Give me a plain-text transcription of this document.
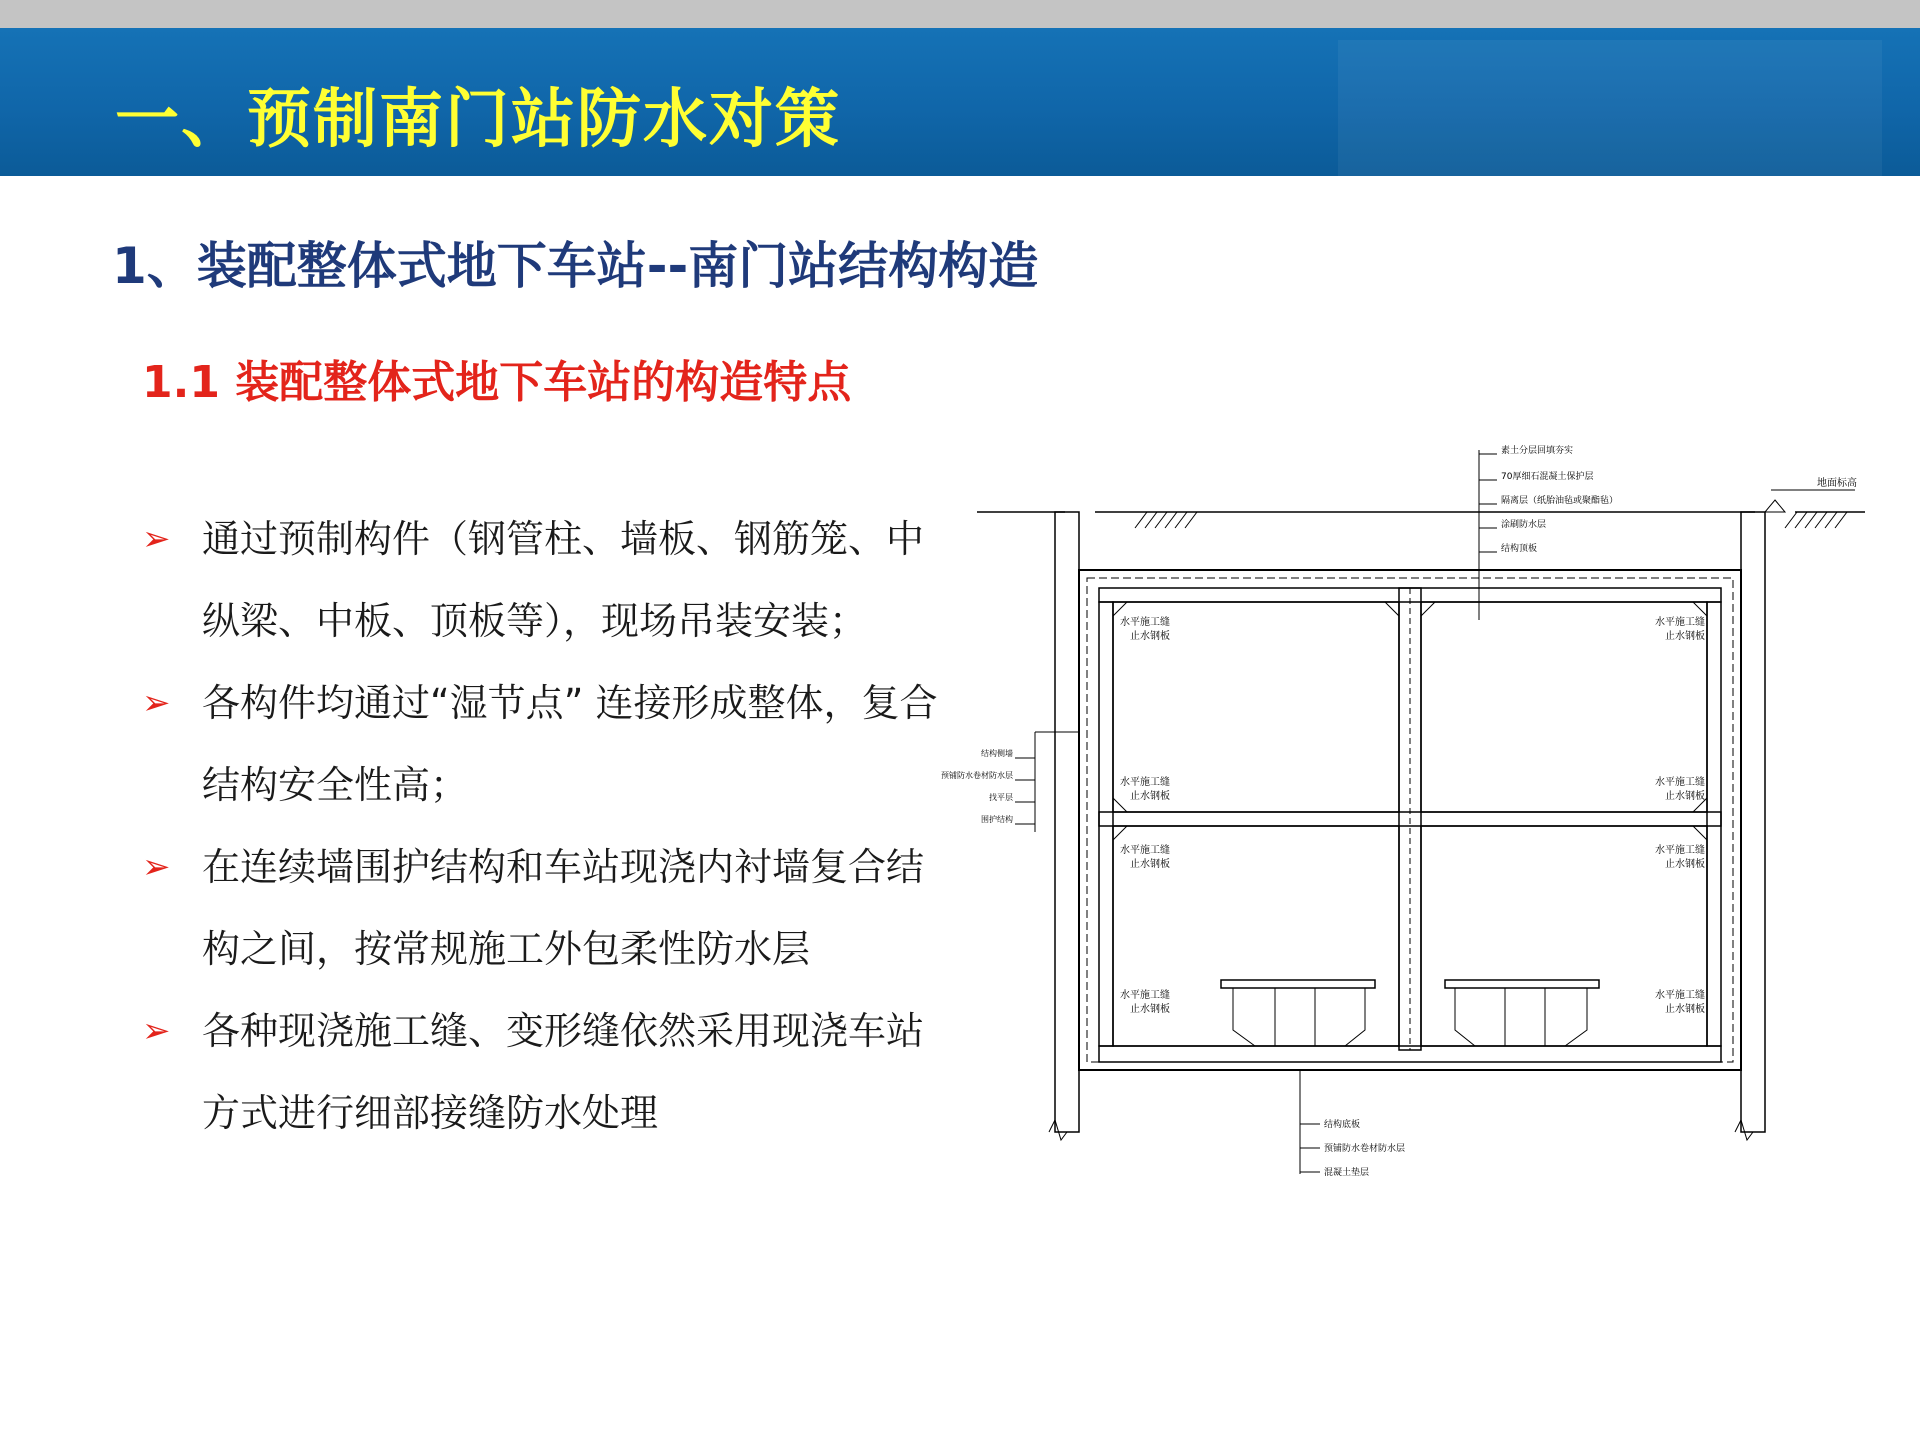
一、预制南门站防水对策
1、装配整体式地下车站--南门站结构构造
1.1 装配整体式地下车站的构造特点
➢ 通过预制构件（钢管柱、墙板、钢筋笼、中纵梁、中板、顶板等），现场吊装安装；
➢ 各构件均通过“湿节点” 连接形成整体，复合结构安全性高；
➢ 在连续墙围护结构和车站现浇内衬墙复合结构之间，按常规施工外包柔性防水层
➢ 各种现浇施工缝、变形缝依然采用现浇车站方式进行细部接缝防水处理
地面标高
水平施工缝
止水钢板
水平施工缝
止水钢板
水平施工缝
止水钢板
水平施工缝
止水钢板
水平施工缝
止水钢板
水平施工缝
止水钢板
水平施工缝
止水钢板
水平施工缝
止水钢板
素土分层回填夯实
70厚细石混凝土保护层
隔离层（纸胎油毡或聚酯毡）
涂刷防水层
结构顶板
结构侧墙
预铺防水卷材防水层
找平层
围护结构
结构底板
预铺防水卷材防水层
混凝土垫层
